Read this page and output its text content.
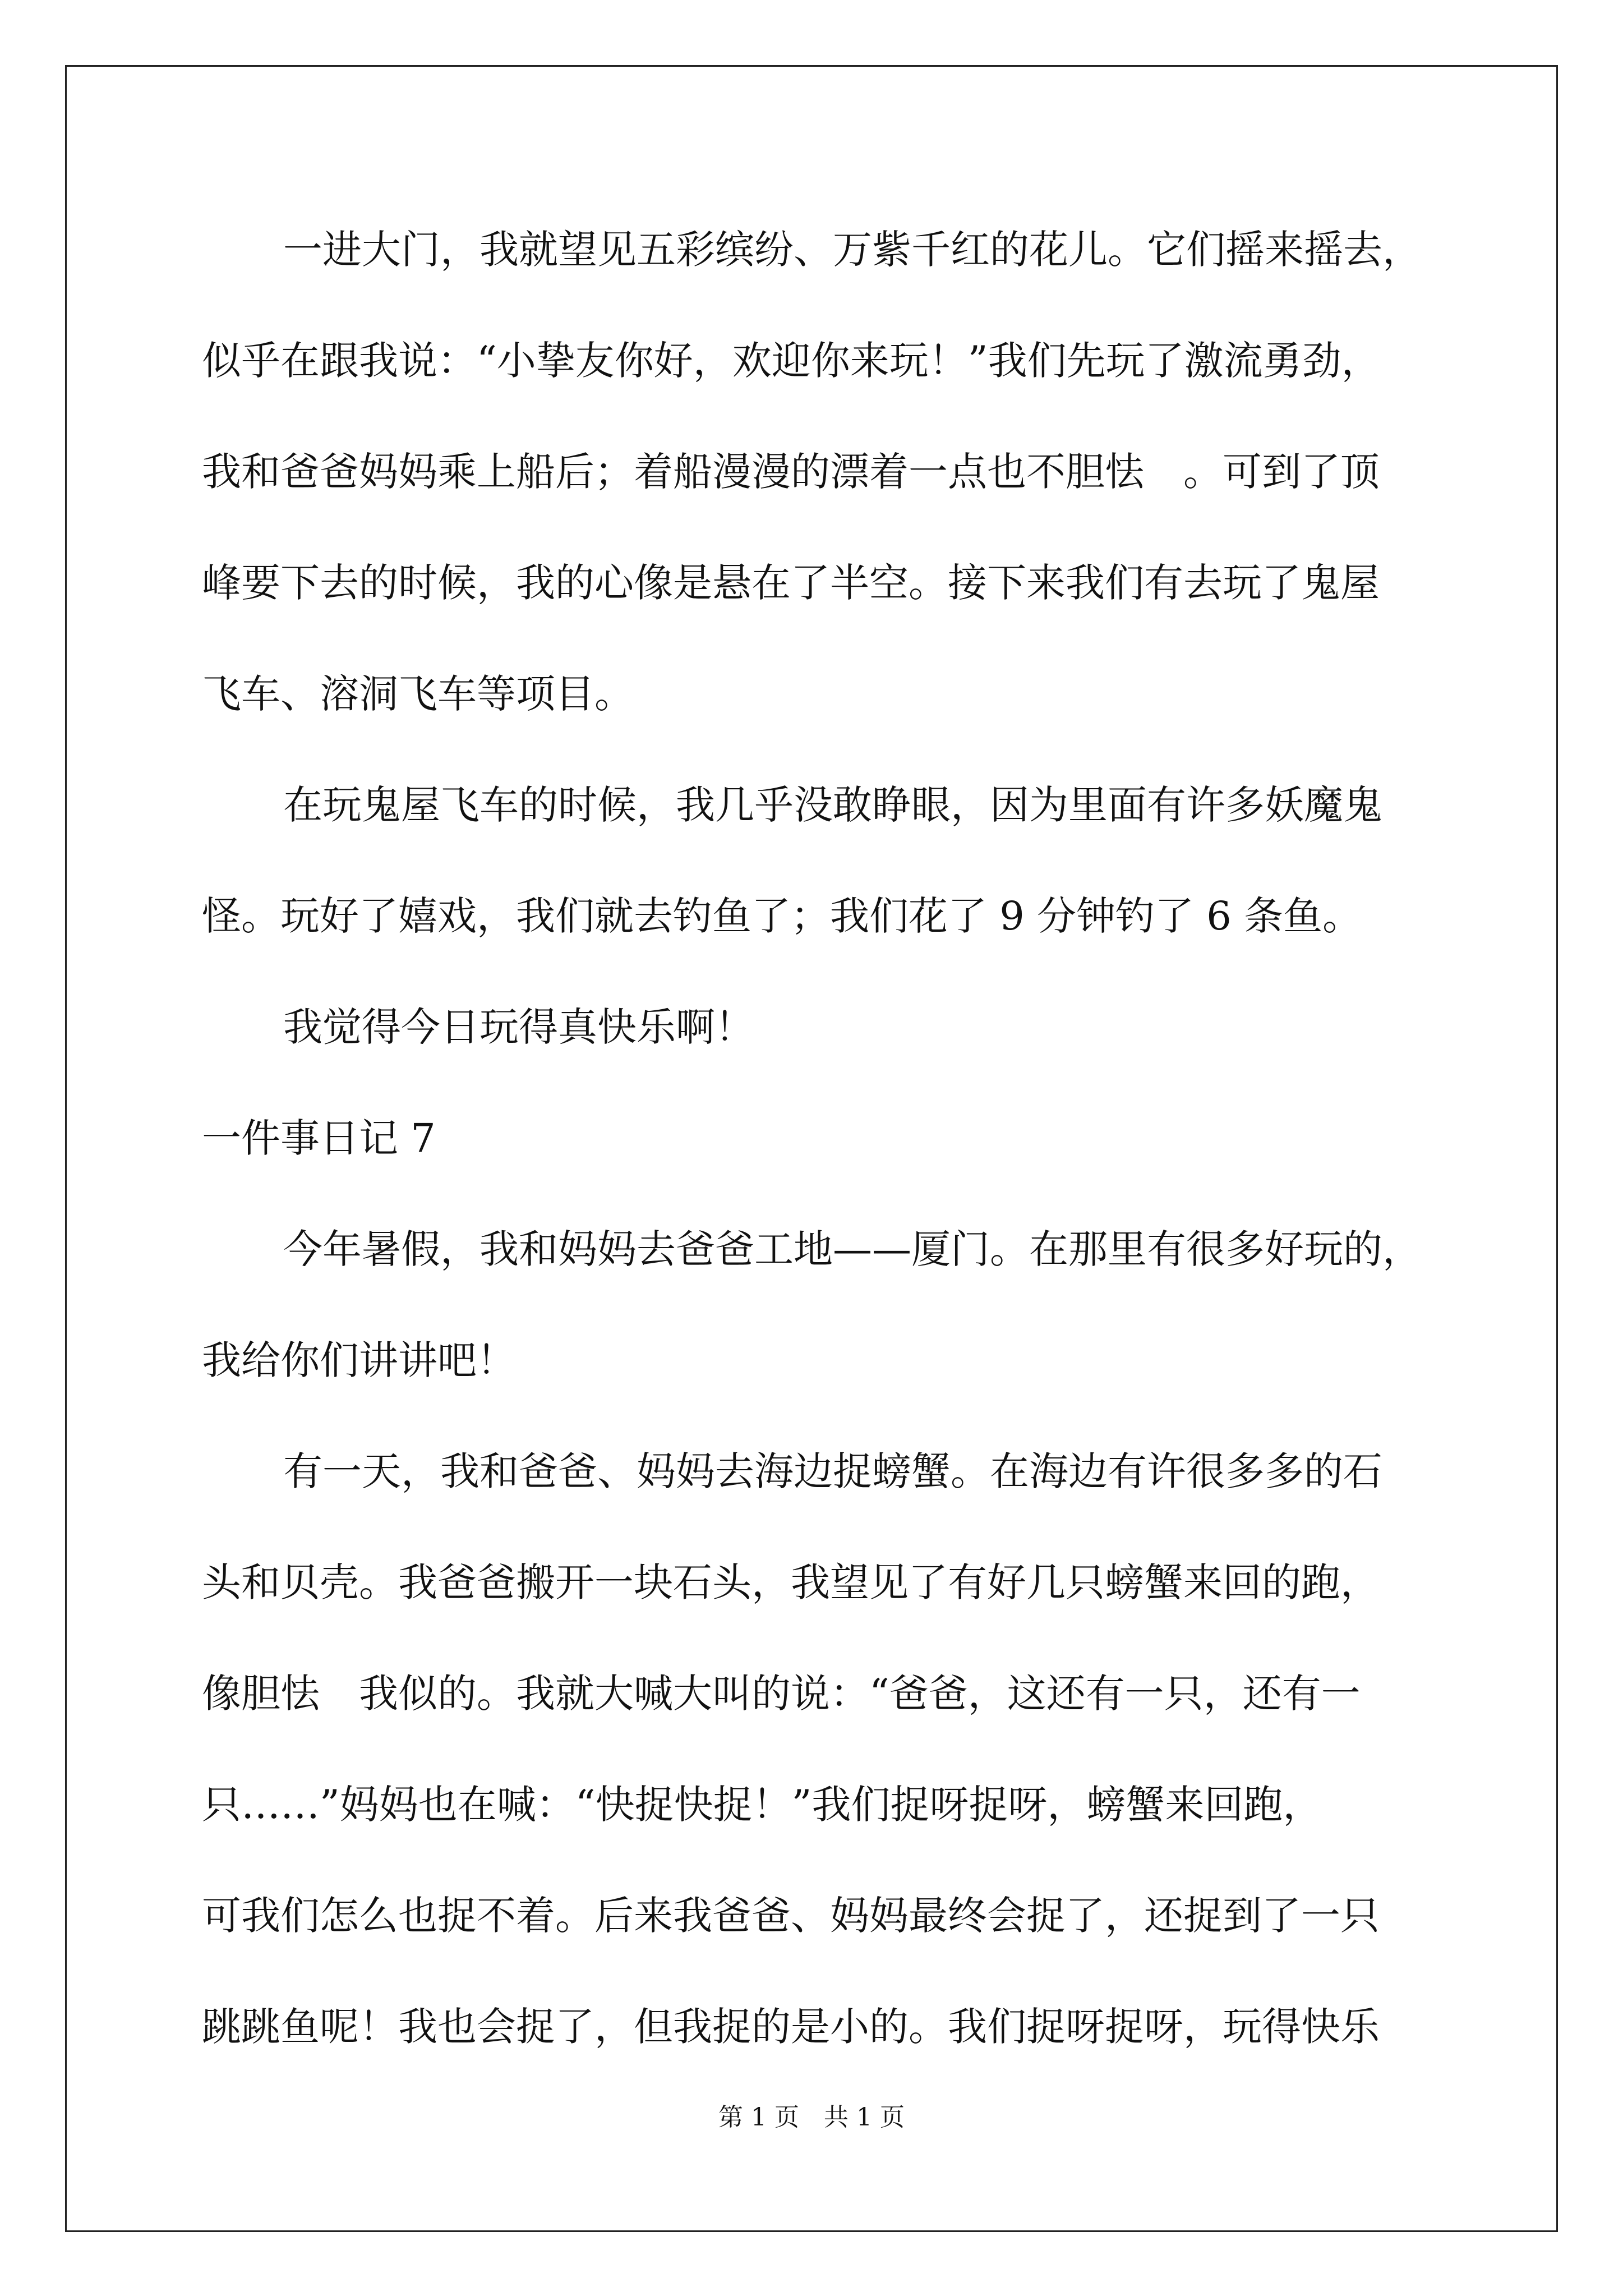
一进大门，我就望见五彩缤纷、万紫千红的花儿。它们摇来摇去，
似乎在跟我说：“小挚友你好，欢迎你来玩！”我们先玩了激流勇劲，
我和爸爸妈妈乘上船后；着船漫漫的漂着一点也不胆怯　。可到了顶
峰要下去的时候，我的心像是悬在了半空。接下来我们有去玩了鬼屋
飞车、溶洞飞车等项目。
在玩鬼屋飞车的时候，我几乎没敢睁眼，因为里面有许多妖魔鬼
怪。玩好了嬉戏，我们就去钓鱼了；我们花了 9 分钟钓了 6 条鱼。
我觉得今日玩得真快乐啊！
一件事日记 7
今年暑假，我和妈妈去爸爸工地——厦门。在那里有很多好玩的，
我给你们讲讲吧！
有一天，我和爸爸、妈妈去海边捉螃蟹。在海边有许很多多的石
头和贝壳。我爸爸搬开一块石头，我望见了有好几只螃蟹来回的跑，
像胆怯　我似的。我就大喊大叫的说：“爸爸，这还有一只，还有一
只……”妈妈也在喊：“快捉快捉！”我们捉呀捉呀，螃蟹来回跑，
可我们怎么也捉不着。后来我爸爸、妈妈最终会捉了，还捉到了一只
跳跳鱼呢！我也会捉了，但我捉的是小的。我们捉呀捉呀，玩得快乐
第 1 页　共 1 页
